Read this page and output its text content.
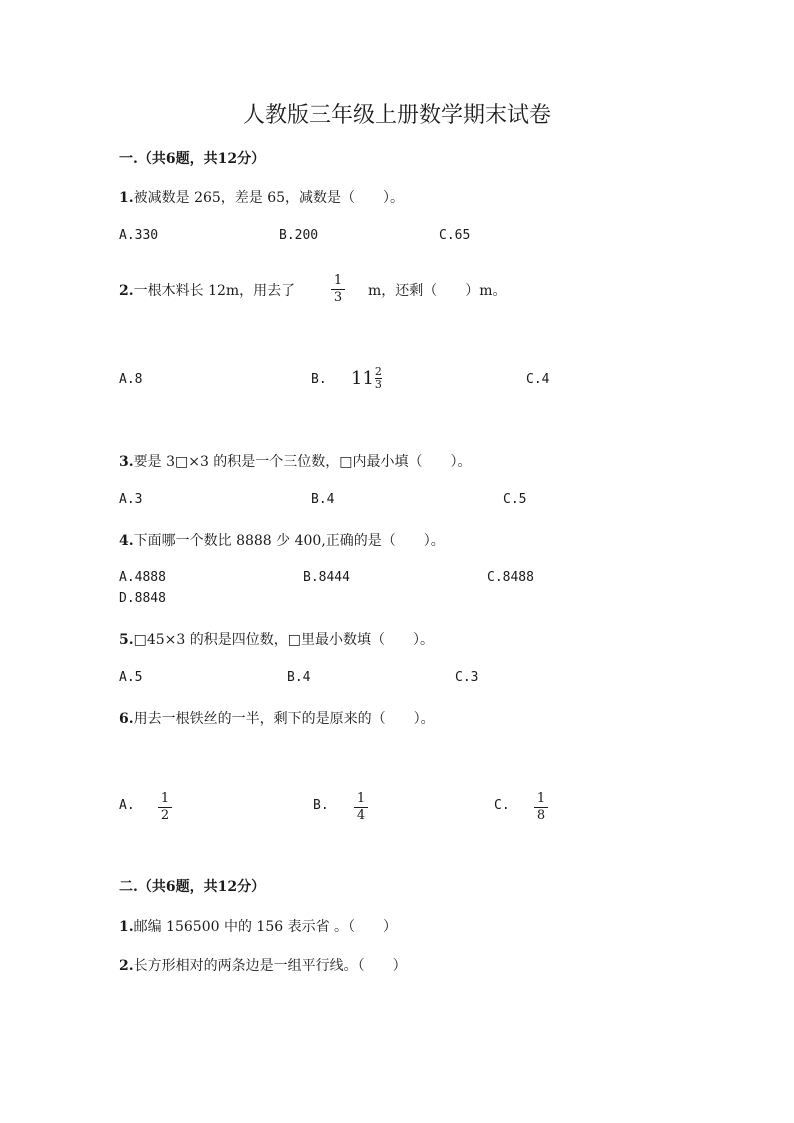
人教版三年级上册数学期末试卷
一.（共6题，共12分）
1.被减数是 265，差是 65，减数是（　　）。
A.330	B.200	C.65
2.一根木料长 12m，用去了
1
3 m，还剩（　　）m。
A.8	B. $11 \frac{2}{3}$	C.4
3.要是 3□×3 的积是一个三位数，□内最小填（　　）。
A.3	B.4	C.5
4.下面哪一个数比 8888 少 400,正确的是（　　）。
A.4888	B.8444	C.8488
D.8848
5.□45×3 的积是四位数，□里最小数填（　　）。
A.5	B.4	C.3
6.用去一根铁丝的一半，剩下的是原来的（　　）。
A. 1
2
B. 1
4
C. 1
8
二.（共6题，共12分）
1.邮编 156500 中的 156 表示省 。（　　）
2.长方形相对的两条边是一组平行线。（　　）
